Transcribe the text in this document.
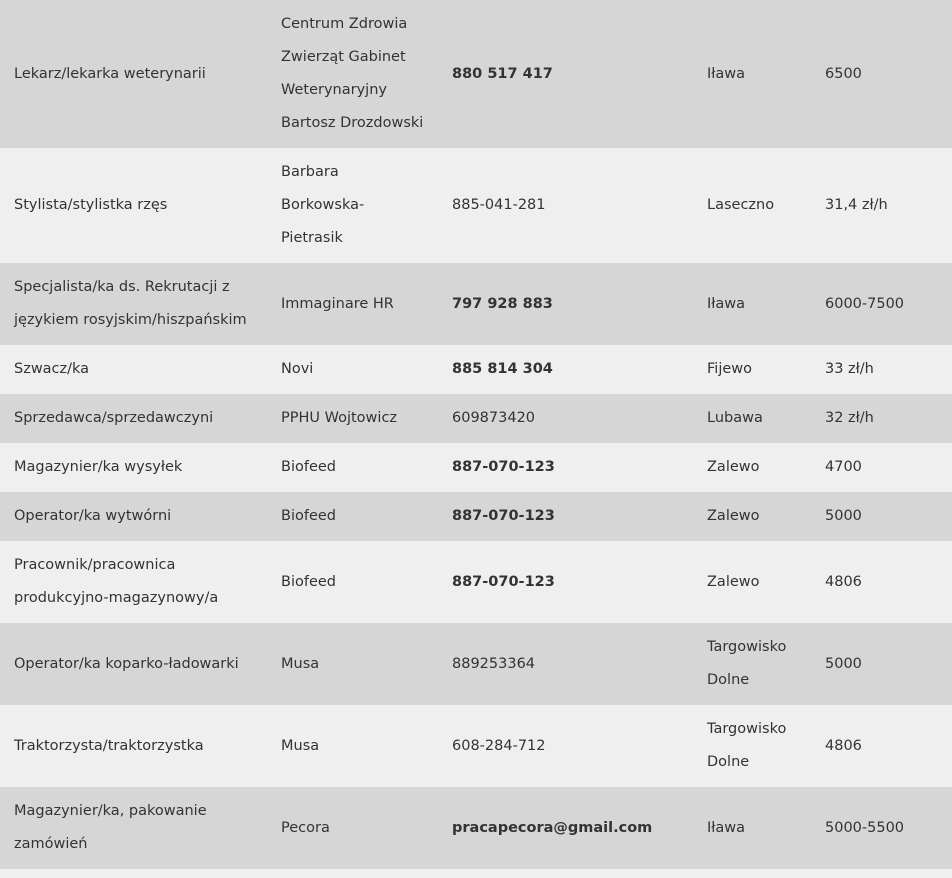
Lekarz/lekarka weterynarii	Centrum Zdrowia Zwierząt Gabinet Weterynaryjny Bartosz Drozdowski	880 517 417	Iława	6500
Stylista/stylistka rzęs	Barbara Borkowska-Pietrasik	885-041-281	Laseczno	31,4 zł/h
Specjalista/ka ds. Rekrutacji z językiem rosyjskim/hiszpańskim	Immaginare HR	797 928 883	Iława	6000-7500
Szwacz/ka	Novi	885 814 304	Fijewo	33 zł/h
Sprzedawca/sprzedawczyni	PPHU Wojtowicz	609873420	Lubawa	32 zł/h
Magazynier/ka wysyłek	Biofeed	887-070-123	Zalewo	4700
Operator/ka wytwórni	Biofeed	887-070-123	Zalewo	5000
Pracownik/pracownica produkcyjno-magazynowy/a	Biofeed	887-070-123	Zalewo	4806
Operator/ka koparko-ładowarki	Musa	889253364	Targowisko Dolne	5000
Traktorzysta/traktorzystka	Musa	608-284-712	Targowisko Dolne	4806
Magazynier/ka, pakowanie zamówień	Pecora	pracapecora@gmail.com	Iława	5000-5500
